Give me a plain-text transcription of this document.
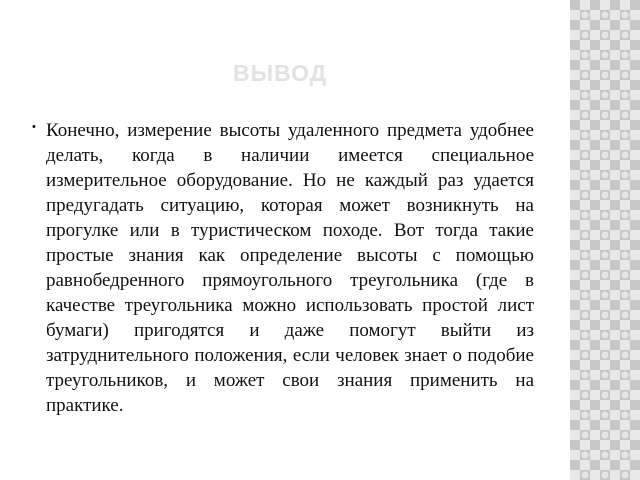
ВЫВОД
• Конечно, измерение высоты удаленного предмета удобнее делать, когда в наличии имеется специальное измерительное оборудование. Но не каждый раз удается предугадать ситуацию, которая может возникнуть на прогулке или в туристическом походе. Вот тогда такие простые знания как определение высоты с помощью равнобедренного прямоугольного треугольника (где в качестве треугольника можно использовать простой лист бумаги) пригодятся и даже помогут выйти из затруднительного положения, если человек знает о подобие треугольников, и может свои знания применить на практике.
